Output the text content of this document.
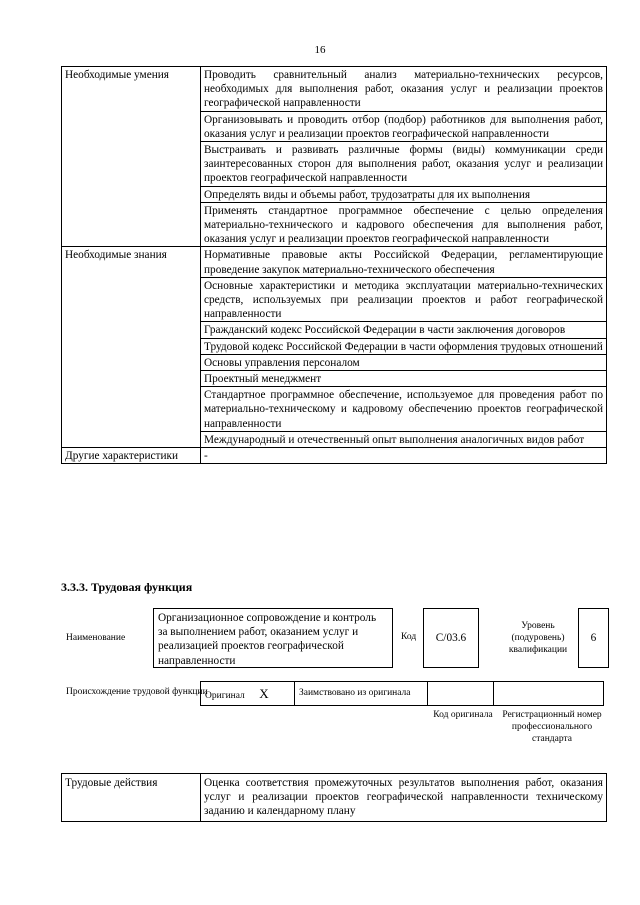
16
Необходимые умения	Проводить сравнительный анализ материально-технических ресурсов, необходимых для выполнения работ, оказания услуг и реализации проектов географической направленности
	Организовывать и проводить отбор (подбор) работников для выполнения работ, оказания услуг и реализации проектов географической направленности
	Выстраивать и развивать различные формы (виды) коммуникации среди заинтересованных сторон для выполнения работ, оказания услуг и реализации проектов географической направленности
	Определять виды и объемы работ, трудозатраты для их выполнения
	Применять стандартное программное обеспечение с целью определения материально-технического и кадрового обеспечения для выполнения работ, оказания услуг и реализации проектов географической направленности
Необходимые знания	Нормативные правовые акты Российской Федерации, регламентирующие проведение закупок материально-технического обеспечения
	Основные характеристики и методика эксплуатации материально-технических средств, используемых при реализации проектов и работ географической направленности
	Гражданский кодекс Российской Федерации в части заключения договоров
	Трудовой кодекс Российской Федерации в части оформления трудовых отношений
	Основы управления персоналом
	Проектный менеджмент
	Стандартное программное обеспечение, используемое для проведения работ по материально-техническому и кадровому обеспечению проектов географической направленности
	Международный и отечественный опыт выполнения аналогичных видов работ
Другие характеристики	-
3.3.3. Трудовая функция
Наименование
Организационное сопровождение и контроль за выполнением работ, оказанием услуг и реализацией проектов географической направленности
Код	C/03.6
Уровень (подуровень) квалификации
6
Происхождение трудовой функции
Оригинал X	Заимствовано из оригинала		
Код оригинала	Регистрационный номер профессионального стандарта
Трудовые действия	Оценка соответствия промежуточных результатов выполнения работ, оказания услуг и реализации проектов географической направленности техническому заданию и календарному плану
